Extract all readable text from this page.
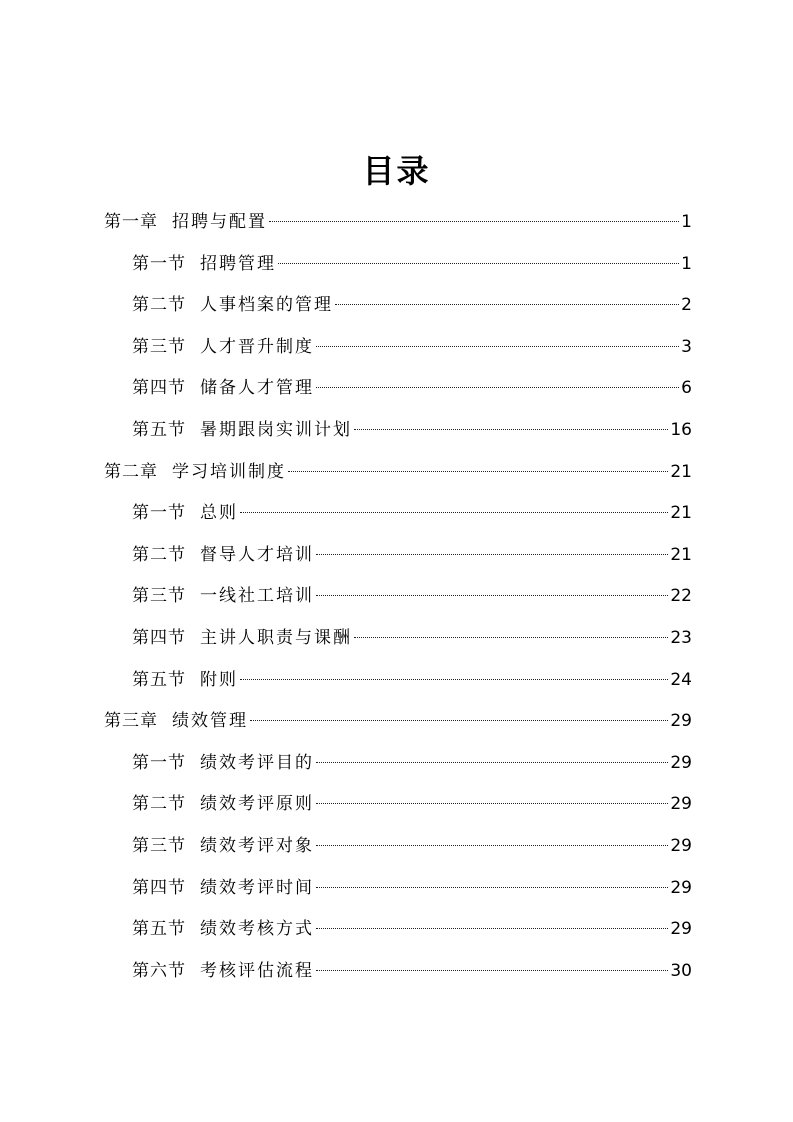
目录
第一章 招聘与配置	1
第一节 招聘管理	1
第二节 人事档案的管理	2
第三节 人才晋升制度	3
第四节 储备人才管理	6
第五节 暑期跟岗实训计划	16
第二章 学习培训制度	21
第一节 总则	21
第二节 督导人才培训	21
第三节 一线社工培训	22
第四节 主讲人职责与课酬	23
第五节 附则	24
第三章 绩效管理	29
第一节 绩效考评目的	29
第二节 绩效考评原则	29
第三节 绩效考评对象	29
第四节 绩效考评时间	29
第五节 绩效考核方式	29
第六节 考核评估流程	30
